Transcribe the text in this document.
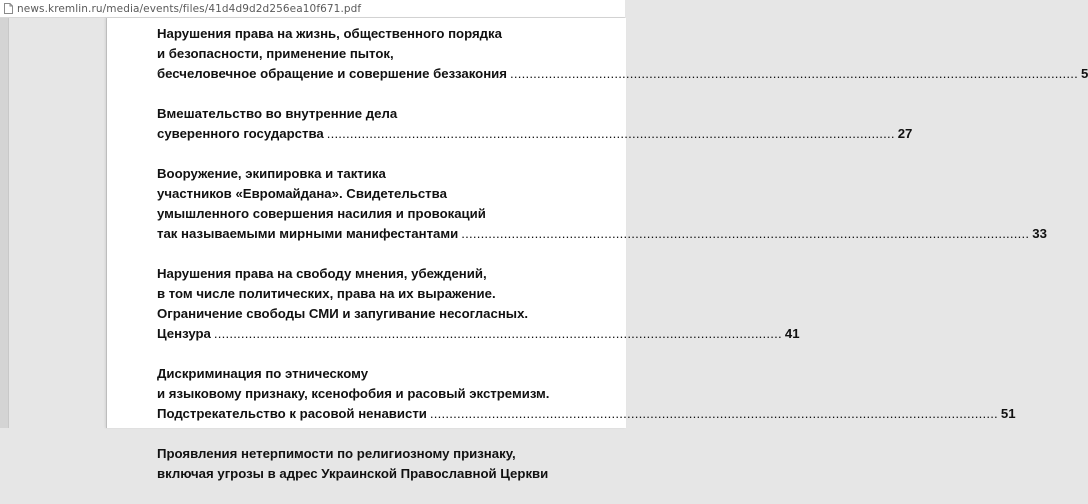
news.kremlin.ru/media/events/files/41d4d9d2d256ea10f671.pdf
Нарушения права на жизнь, общественного порядка
и безопасности, применение пыток,
бесчеловечное обращение и совершение беззакония .....	5
Вмешательство во внутренние дела
суверенного государства .....	27
Вооружение, экипировка и тактика
участников «Евромайдана». Свидетельства
умышленного совершения насилия и провокаций
так называемыми мирными манифестантами .....	33
Нарушения права на свободу мнения, убеждений,
в том числе политических, права на их выражение.
Ограничение свободы СМИ и запугивание несогласных.
Цензура .....	41
Дискриминация по этническому
и языковому признаку, ксенофобия и расовый экстремизм.
Подстрекательство к расовой ненависти .....	51
Проявления нетерпимости по религиозному признаку,
включая угрозы в адрес Украинской Православной Церкви
